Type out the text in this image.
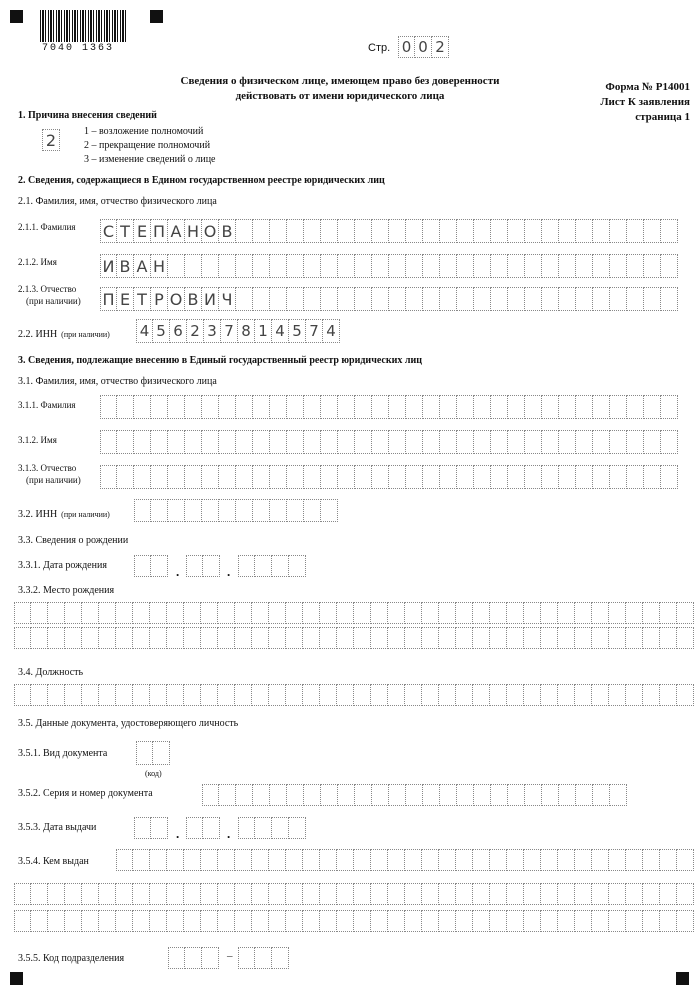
7040 1363	Стр. 0 0 2
Сведения о физическом лице, имеющем право без доверенности
действовать от имени юридического лица
Форма № Р14001
Лист К заявления
страница 1
1. Причина внесения сведений
2	1 – возложение полномочий
2 – прекращение полномочий
3 – изменение сведений о лице
2. Сведения, содержащиеся в Едином государственном реестре юридических лиц
2.1. Фамилия, имя, отчество физического лица
2.1.1. Фамилия С Т Е П А Н О В
2.1.2. Имя	И В А Н
2.1.3. Отчество
(при наличии) П Е Т Р О В И Ч
2.2. ИНН (при наличии) 4 5 6 2 3 7 8 1 4 5 7 4
3. Сведения, подлежащие внесению в Единый государственный реестр юридических лиц
3.1. Фамилия, имя, отчество физического лица
3.1.1. Фамилия
3.1.2. Имя
3.1.3. Отчество
(при наличии)
3.2. ИНН (при наличии)
3.3. Сведения о рождении
3.3.1. Дата рождения	.	.
3.3.2. Место рождения
3.4. Должность
3.5. Данные документа, удостоверяющего личность
3.5.1. Вид документа
(код)
3.5.2. Серия и номер документа
3.5.3. Дата выдачи	.	.
3.5.4. Кем выдан
3.5.5. Код подразделения	–
